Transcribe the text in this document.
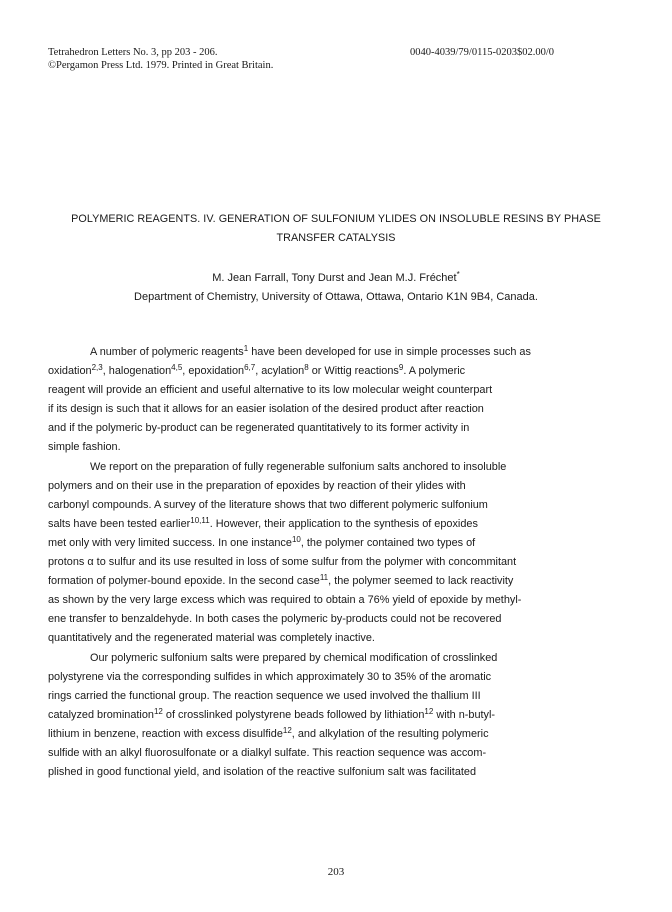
Tetrahedron Letters No. 3, pp 203 - 206.
©Pergamon Press Ltd. 1979. Printed in Great Britain.
0040-4039/79/0115-0203$02.00/0
POLYMERIC REAGENTS. IV. GENERATION OF SULFONIUM YLIDES ON INSOLUBLE RESINS BY PHASE
TRANSFER CATALYSIS
M. Jean Farrall, Tony Durst and Jean M.J. Fréchet*
Department of Chemistry, University of Ottawa, Ottawa, Ontario K1N 9B4, Canada.
A number of polymeric reagents$^1$ have been developed for use in simple processes such as
oxidation$^{2,3}$, halogenation$^{4,5}$, epoxidation$^{6,7}$, acylation$^8$ or Wittig reactions$^9$. A polymeric
reagent will provide an efficient and useful alternative to its low molecular weight counterpart
if its design is such that it allows for an easier isolation of the desired product after reaction
and if the polymeric by-product can be regenerated quantitatively to its former activity in
simple fashion.
We report on the preparation of fully regenerable sulfonium salts anchored to insoluble
polymers and on their use in the preparation of epoxides by reaction of their ylides with
carbonyl compounds. A survey of the literature shows that two different polymeric sulfonium
salts have been tested earlier$^{10,11}$. However, their application to the synthesis of epoxides
met only with very limited success. In one instance$^{10}$, the polymer contained two types of
protons α to sulfur and its use resulted in loss of some sulfur from the polymer with concommitant
formation of polymer-bound epoxide. In the second case$^{11}$, the polymer seemed to lack reactivity
as shown by the very large excess which was required to obtain a 76% yield of epoxide by methyl-
ene transfer to benzaldehyde. In both cases the polymeric by-products could not be recovered
quantitatively and the regenerated material was completely inactive.
Our polymeric sulfonium salts were prepared by chemical modification of crosslinked
polystyrene via the corresponding sulfides in which approximately 30 to 35% of the aromatic
rings carried the functional group. The reaction sequence we used involved the thallium III
catalyzed bromination$^{12}$ of crosslinked polystyrene beads followed by lithiation$^{12}$ with n-butyl-
lithium in benzene, reaction with excess disulfide$^{12}$, and alkylation of the resulting polymeric
sulfide with an alkyl fluorosulfonate or a dialkyl sulfate. This reaction sequence was accom-
plished in good functional yield, and isolation of the reactive sulfonium salt was facilitated
203
